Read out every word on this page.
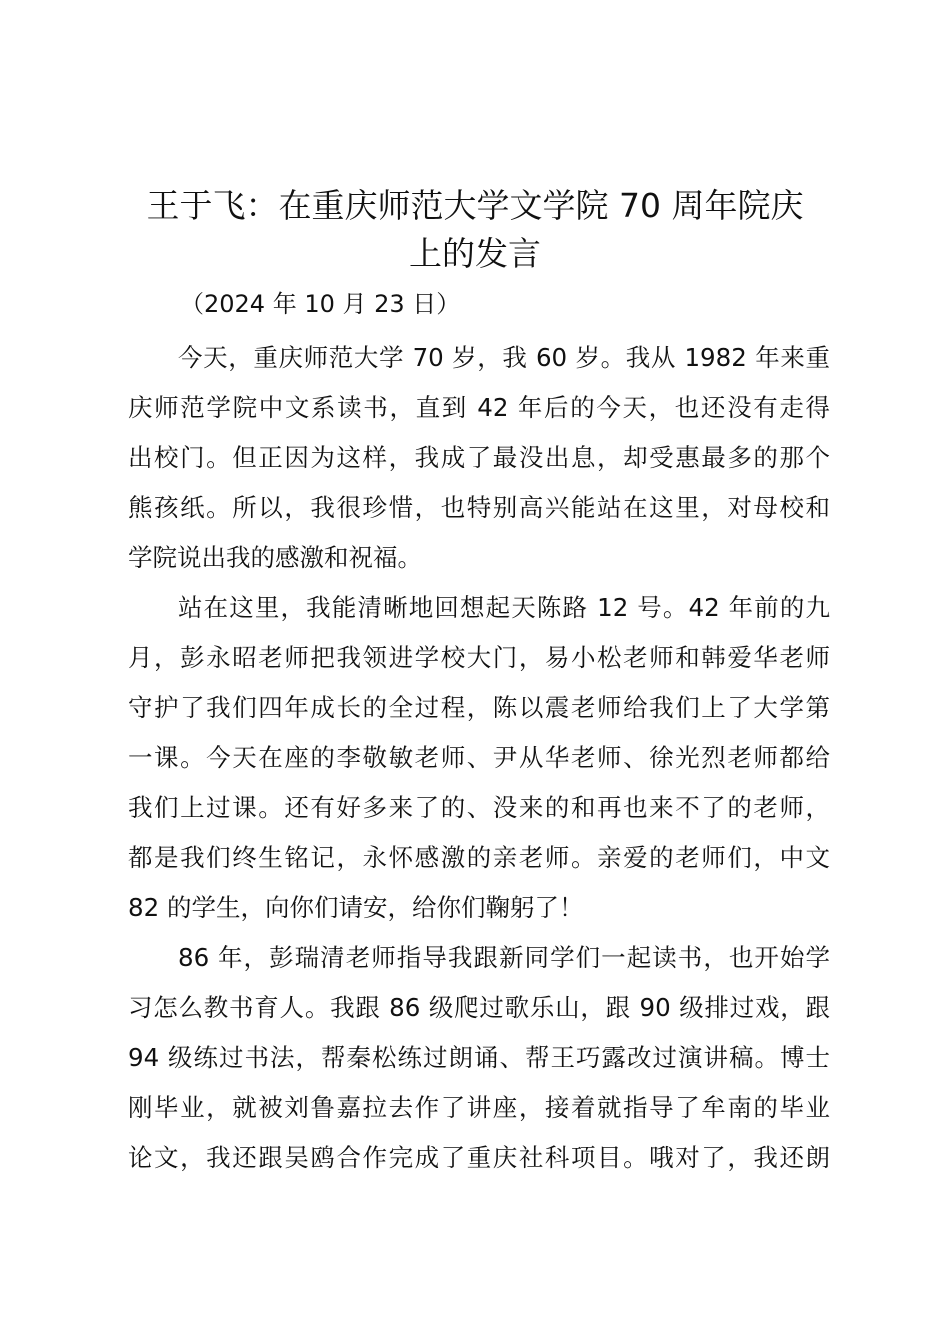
王于飞：在重庆师范大学文学院 70 周年院庆
上的发言
（2024 年 10 月 23 日）
今天，重庆师范大学 70 岁，我 60 岁。我从 1982 年来重
庆师范学院中文系读书，直到 42 年后的今天，也还没有走得
出校门。但正因为这样，我成了最没出息，却受惠最多的那个
熊孩纸。所以，我很珍惜，也特别高兴能站在这里，对母校和
学院说出我的感激和祝福。
站在这里，我能清晰地回想起天陈路 12 号。42 年前的九
月，彭永昭老师把我领进学校大门，易小松老师和韩爱华老师
守护了我们四年成长的全过程，陈以震老师给我们上了大学第
一课。今天在座的李敬敏老师、尹从华老师、徐光烈老师都给
我们上过课。还有好多来了的、没来的和再也来不了的老师，
都是我们终生铭记，永怀感激的亲老师。亲爱的老师们，中文
82 的学生，向你们请安，给你们鞠躬了！
86 年，彭瑞清老师指导我跟新同学们一起读书，也开始学
习怎么教书育人。我跟 86 级爬过歌乐山，跟 90 级排过戏，跟
94 级练过书法，帮秦松练过朗诵、帮王巧露改过演讲稿。博士
刚毕业，就被刘鲁嘉拉去作了讲座，接着就指导了牟南的毕业
论文，我还跟吴鸥合作完成了重庆社科项目。哦对了，我还朗
